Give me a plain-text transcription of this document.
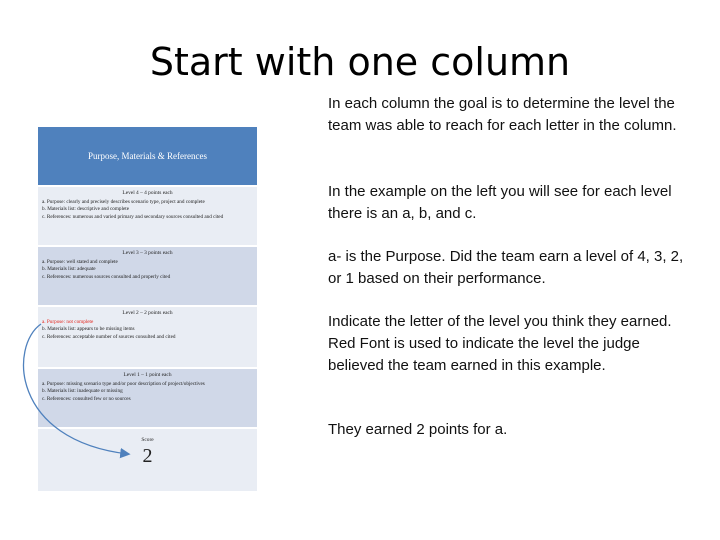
Start with one column
Purpose, Materials & References
Level 4 – 4 points each
a. Purpose: clearly and precisely describes scenario type, project and complete
b. Materials list: descriptive and complete
c. References: numerous and varied primary and secondary sources consulted and cited
Level 3 – 3 points each
a. Purpose: well stated and complete
b. Materials list: adequate
c. References: numerous sources consulted and properly cited
Level 2 – 2 points each
a. Purpose: not complete
b. Materials list: appears to be missing items
c. References: acceptable number of sources consulted and cited
Level 1 – 1 point each
a. Purpose: missing scenario type and/or poor description of project/objectives
b. Materials list: inadequate or missing
c. References: consulted few or no sources
Score
2

In each column the goal is to determine the level the team was able to reach for each letter in the column.

In the example on the left you will see for each level there is an a, b, and c.

a- is the Purpose. Did the team earn a level of 4, 3, 2, or 1 based on their performance.

Indicate the letter of the level you think they earned. Red Font is used to indicate the level the judge believed the team earned in this example.

They earned 2 points for a.
